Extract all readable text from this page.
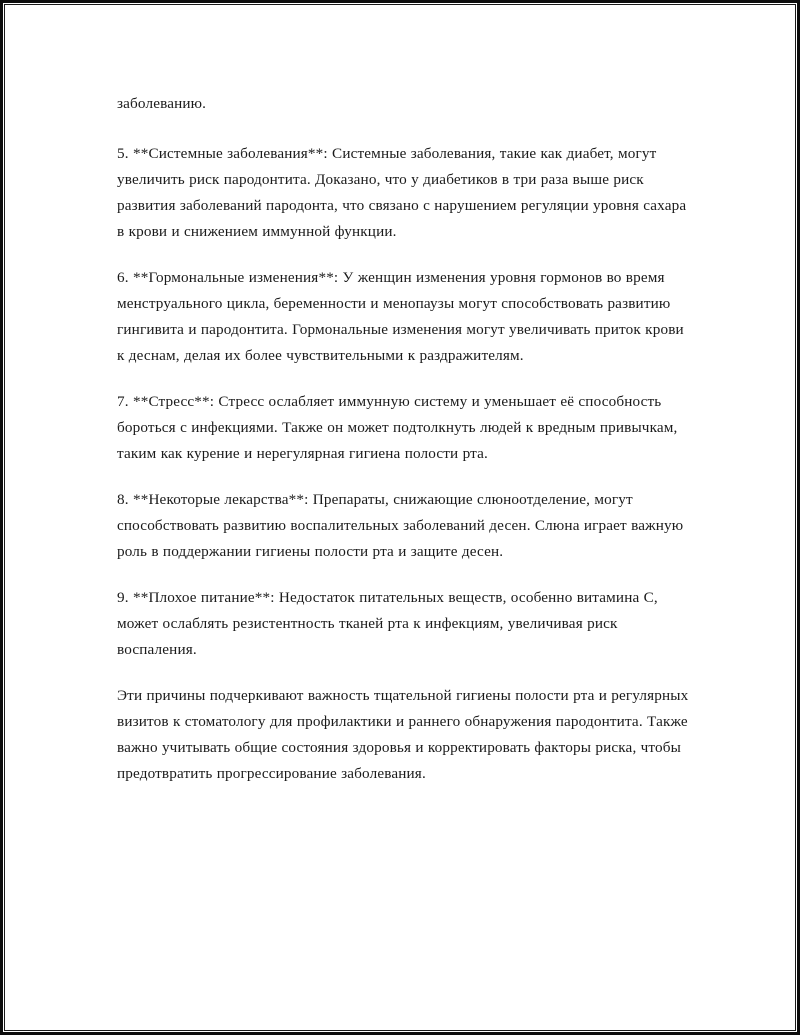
заболеванию.

5. **Системные заболевания**: Системные заболевания, такие как диабет, могут увеличить риск пародонтита. Доказано, что у диабетиков в три раза выше риск развития заболеваний пародонта, что связано с нарушением регуляции уровня сахара в крови и снижением иммунной функции.

6. **Гормональные изменения**: У женщин изменения уровня гормонов во время менструального цикла, беременности и менопаузы могут способствовать развитию гингивита и пародонтита. Гормональные изменения могут увеличивать приток крови к деснам, делая их более чувствительными к раздражителям.

7. **Стресс**: Стресс ослабляет иммунную систему и уменьшает её способность бороться с инфекциями. Также он может подтолкнуть людей к вредным привычкам, таким как курение и нерегулярная гигиена полости рта.

8. **Некоторые лекарства**: Препараты, снижающие слюноотделение, могут способствовать развитию воспалительных заболеваний десен. Слюна играет важную роль в поддержании гигиены полости рта и защите десен.

9. **Плохое питание**: Недостаток питательных веществ, особенно витамина C, может ослаблять резистентность тканей рта к инфекциям, увеличивая риск воспаления.

Эти причины подчеркивают важность тщательной гигиены полости рта и регулярных визитов к стоматологу для профилактики и раннего обнаружения пародонтита. Также важно учитывать общие состояния здоровья и корректировать факторы риска, чтобы предотвратить прогрессирование заболевания.
